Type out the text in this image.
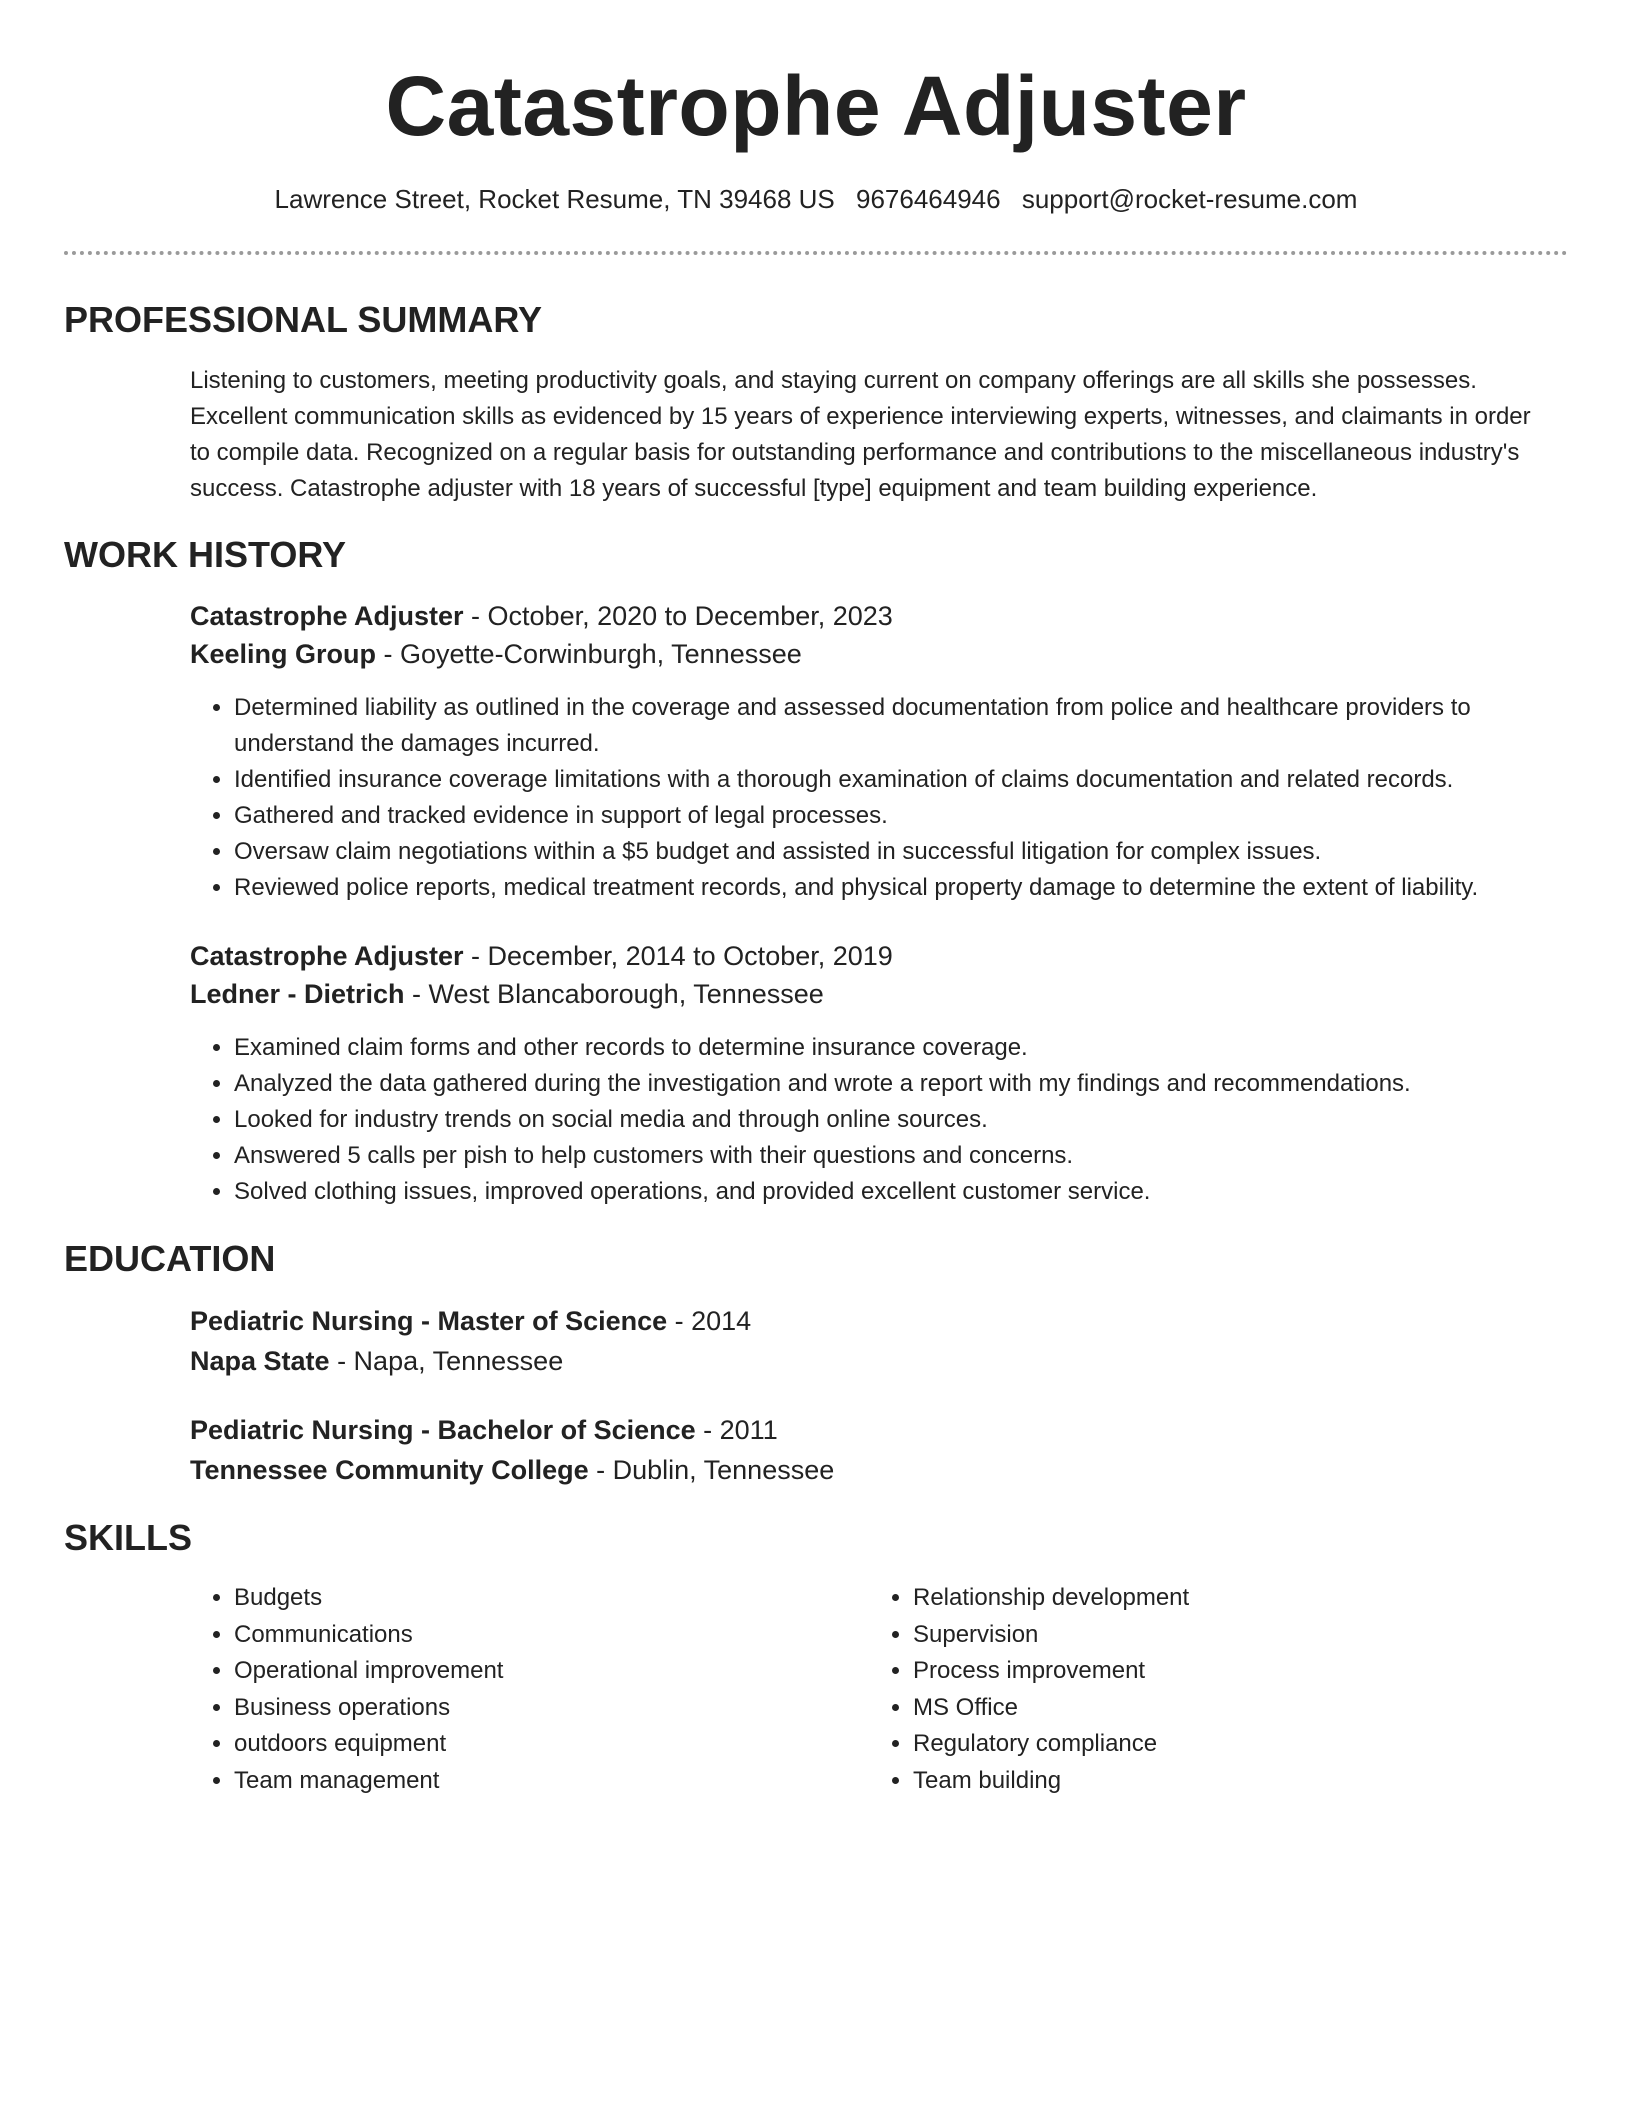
Catastrophe Adjuster
Lawrence Street, Rocket Resume, TN 39468 US 9676464946 support@rocket-resume.com
PROFESSIONAL SUMMARY

Listening to customers, meeting productivity goals, and staying current on company offerings are all skills she possesses. Excellent communication skills as evidenced by 15 years of experience interviewing experts, witnesses, and claimants in order to compile data. Recognized on a regular basis for outstanding performance and contributions to the miscellaneous industry's success. Catastrophe adjuster with 18 years of successful [type] equipment and team building experience.

WORK HISTORY
Catastrophe Adjuster - October, 2020 to December, 2023
Keeling Group - Goyette-Corwinburgh, Tennessee
• Determined liability as outlined in the coverage and assessed documentation from police and healthcare providers to understand the damages incurred.
• Identified insurance coverage limitations with a thorough examination of claims documentation and related records.
• Gathered and tracked evidence in support of legal processes.
• Oversaw claim negotiations within a $5 budget and assisted in successful litigation for complex issues.
• Reviewed police reports, medical treatment records, and physical property damage to determine the extent of liability.
Catastrophe Adjuster - December, 2014 to October, 2019
Ledner - Dietrich - West Blancaborough, Tennessee
• Examined claim forms and other records to determine insurance coverage.
• Analyzed the data gathered during the investigation and wrote a report with my findings and recommendations.
• Looked for industry trends on social media and through online sources.
• Answered 5 calls per pish to help customers with their questions and concerns.
• Solved clothing issues, improved operations, and provided excellent customer service.
EDUCATION
Pediatric Nursing - Master of Science - 2014
Napa State - Napa, Tennessee
Pediatric Nursing - Bachelor of Science - 2011
Tennessee Community College - Dublin, Tennessee
SKILLS
• Budgets
• Communications
• Operational improvement
• Business operations
• outdoors equipment
• Team management
• Relationship development
• Supervision
• Process improvement
• MS Office
• Regulatory compliance
• Team building
